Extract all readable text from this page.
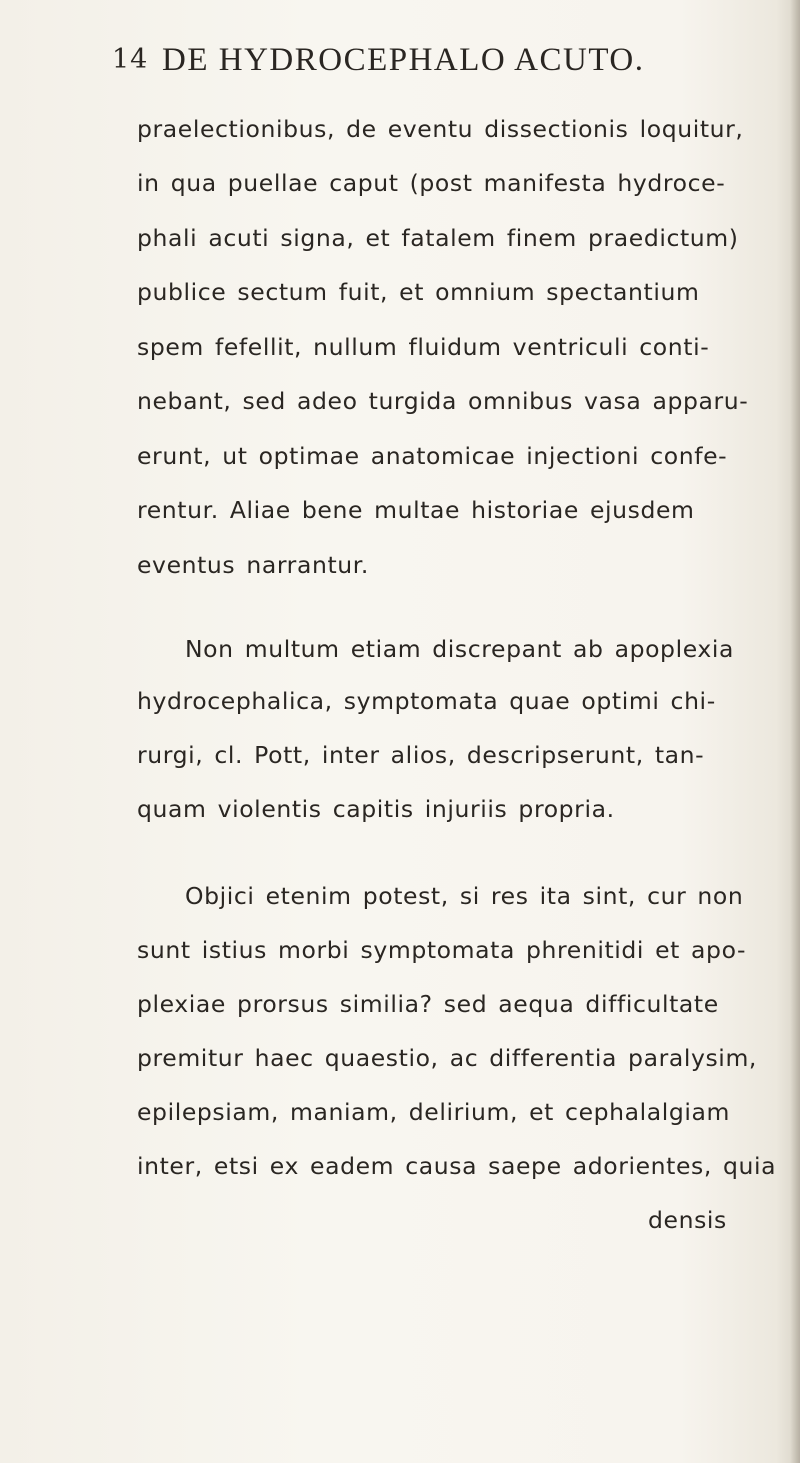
14 DE HYDROCEPHALO ACUTO.
praelectionibus, de eventu dissectionis loquitur,
in qua puellae caput (post manifesta hydroce-
phali acuti signa, et fatalem finem praedictum)
publice sectum fuit, et omnium spectantium
spem fefellit, nullum fluidum ventriculi conti-
nebant, sed adeo turgida omnibus vasa apparu-
erunt, ut optimae anatomicae injectioni confe-
rentur. Aliae bene multae historiae ejusdem
eventus narrantur.
Non multum etiam discrepant ab apoplexia
hydrocephalica, symptomata quae optimi chi-
rurgi, cl. Pott, inter alios, descripserunt, tan-
quam violentis capitis injuriis propria.
Objici etenim potest, si res ita sint, cur non
sunt istius morbi symptomata phrenitidi et apo-
plexiae prorsus similia? sed aequa difficultate
premitur haec quaestio, ac differentia paralysim,
epilepsiam, maniam, delirium, et cephalalgiam
inter, etsi ex eadem causa saepe adorientes, quia
densis
